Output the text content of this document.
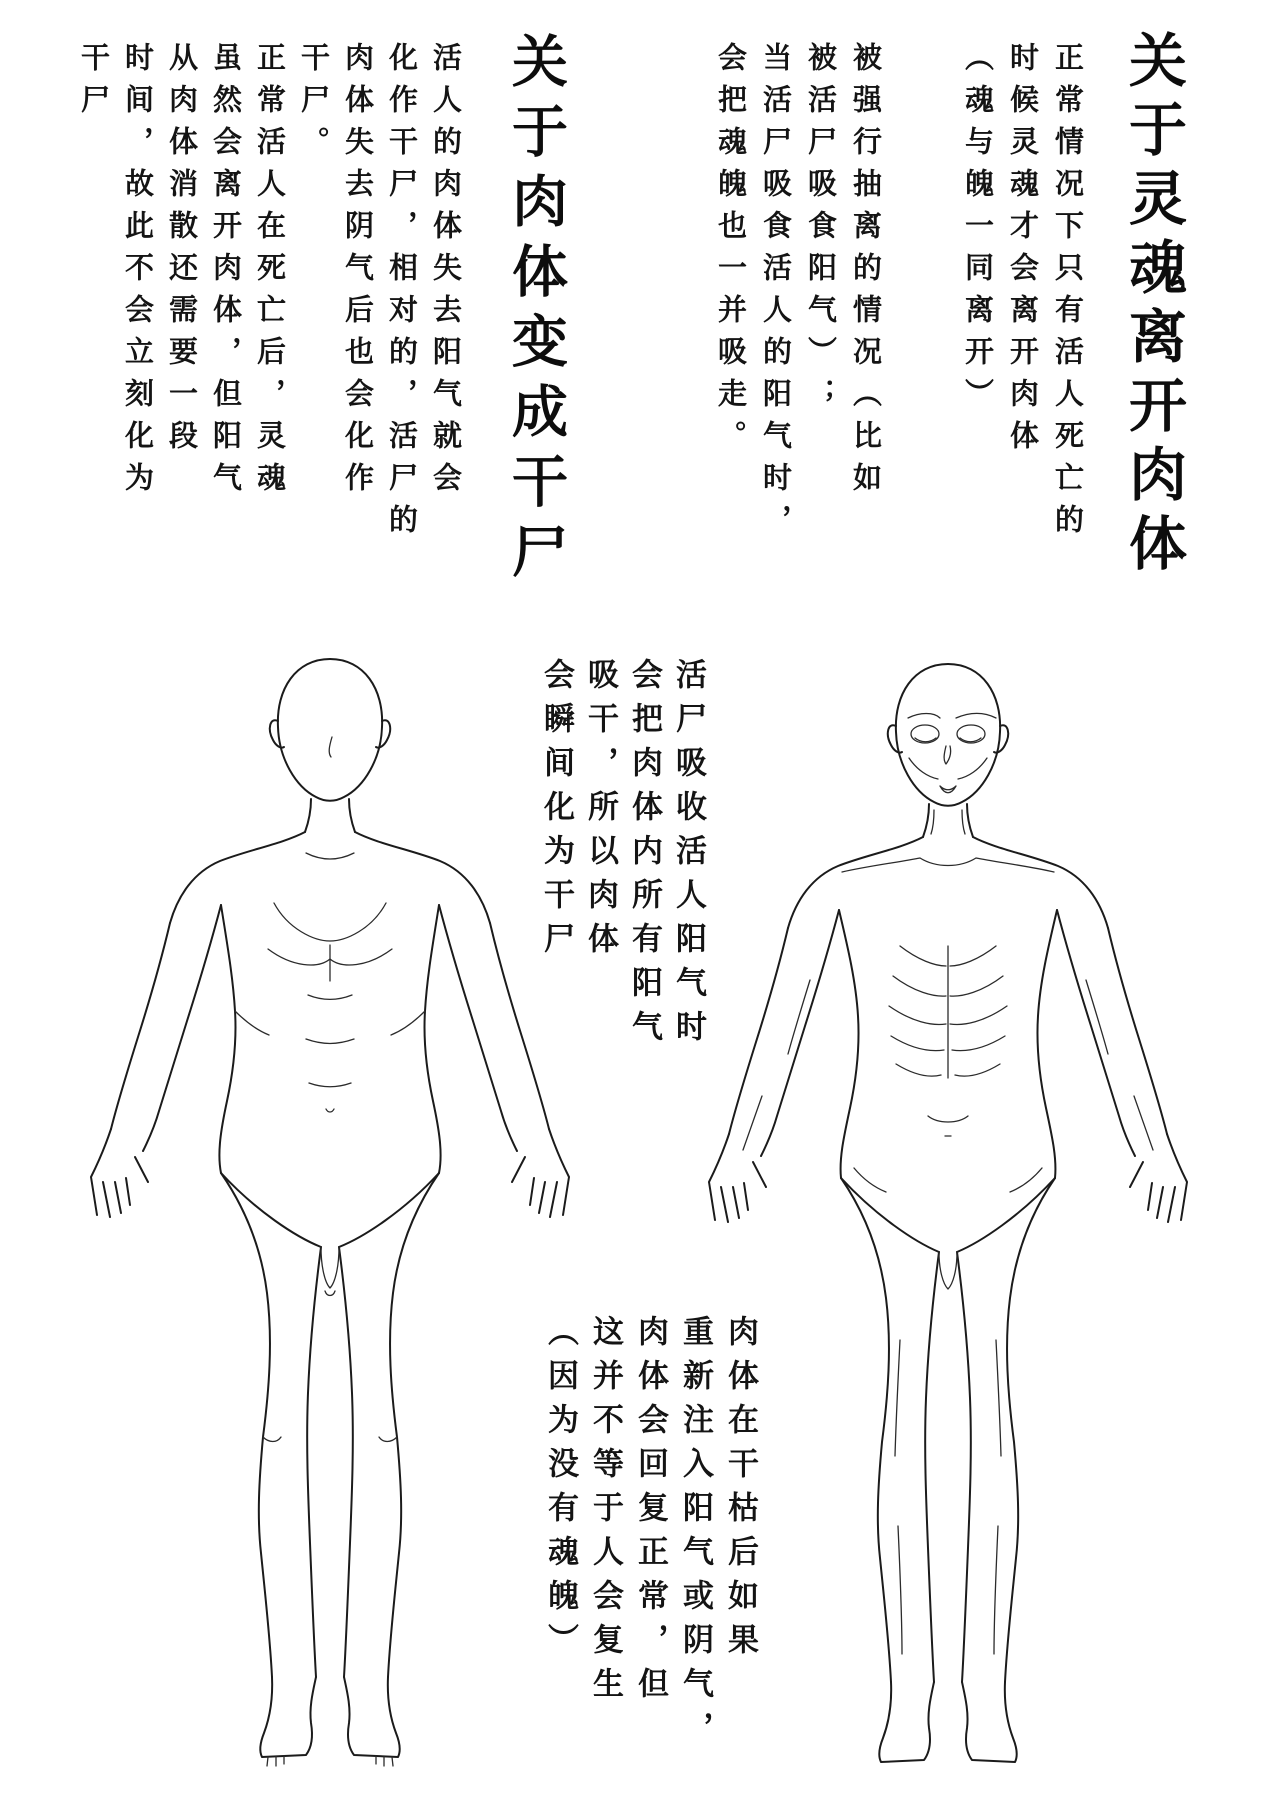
关于灵魂离开肉体
正常情况下只有活人死亡的
时候灵魂才会离开肉体
（魂与魄一同离开）
被强行抽离的情况（比如
被活尸吸食阳气）；
当活尸吸食活人的阳气时，
会把魂魄也一并吸走。
关于肉体变成干尸
活人的肉体失去阳气就会
化作干尸，相对的，活尸的
肉体失去阴气后也会化作
干尸。
正常活人在死亡后，灵魂
虽然会离开肉体，但阳气
从肉体消散还需要一段
时间，故此不会立刻化为
干尸
活尸吸收活人阳气时
会把肉体内所有阳气
吸干，所以肉体
会瞬间化为干尸
肉体在干枯后如果
重新注入阳气或阴气，
肉体会回复正常，但
这并不等于人会复生
（因为没有魂魄）
